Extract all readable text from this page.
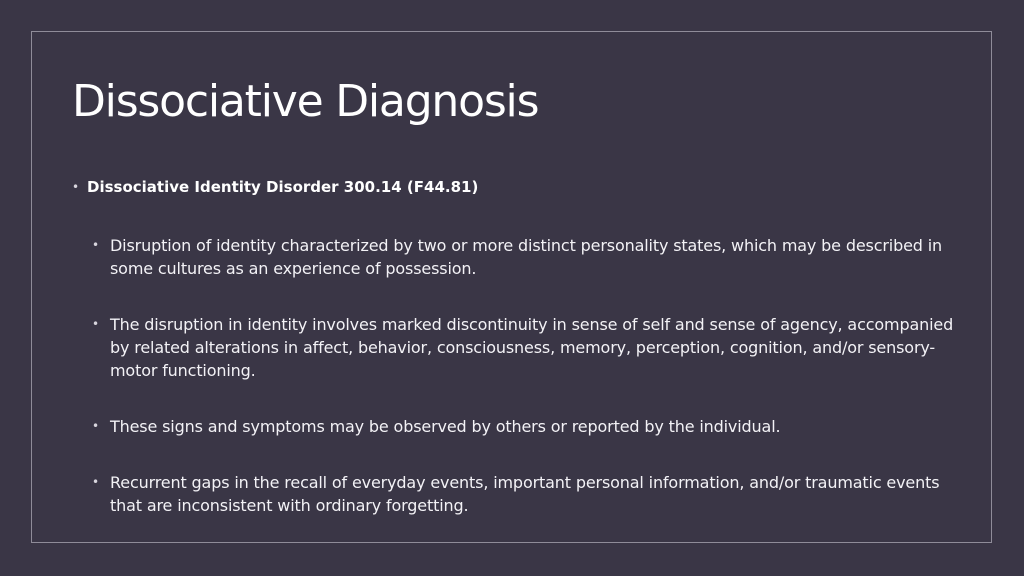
Dissociative Diagnosis
• Dissociative Identity Disorder 300.14 (F44.81)
• Disruption of identity characterized by two or more distinct personality states, which may be described in some cultures as an experience of possession.
• The disruption in identity involves marked discontinuity in sense of self and sense of agency, accompanied by related alterations in affect, behavior, consciousness, memory, perception, cognition, and/or sensory-motor functioning.
• These signs and symptoms may be observed by others or reported by the individual.
• Recurrent gaps in the recall of everyday events, important personal information, and/or traumatic events that are inconsistent with ordinary forgetting.
